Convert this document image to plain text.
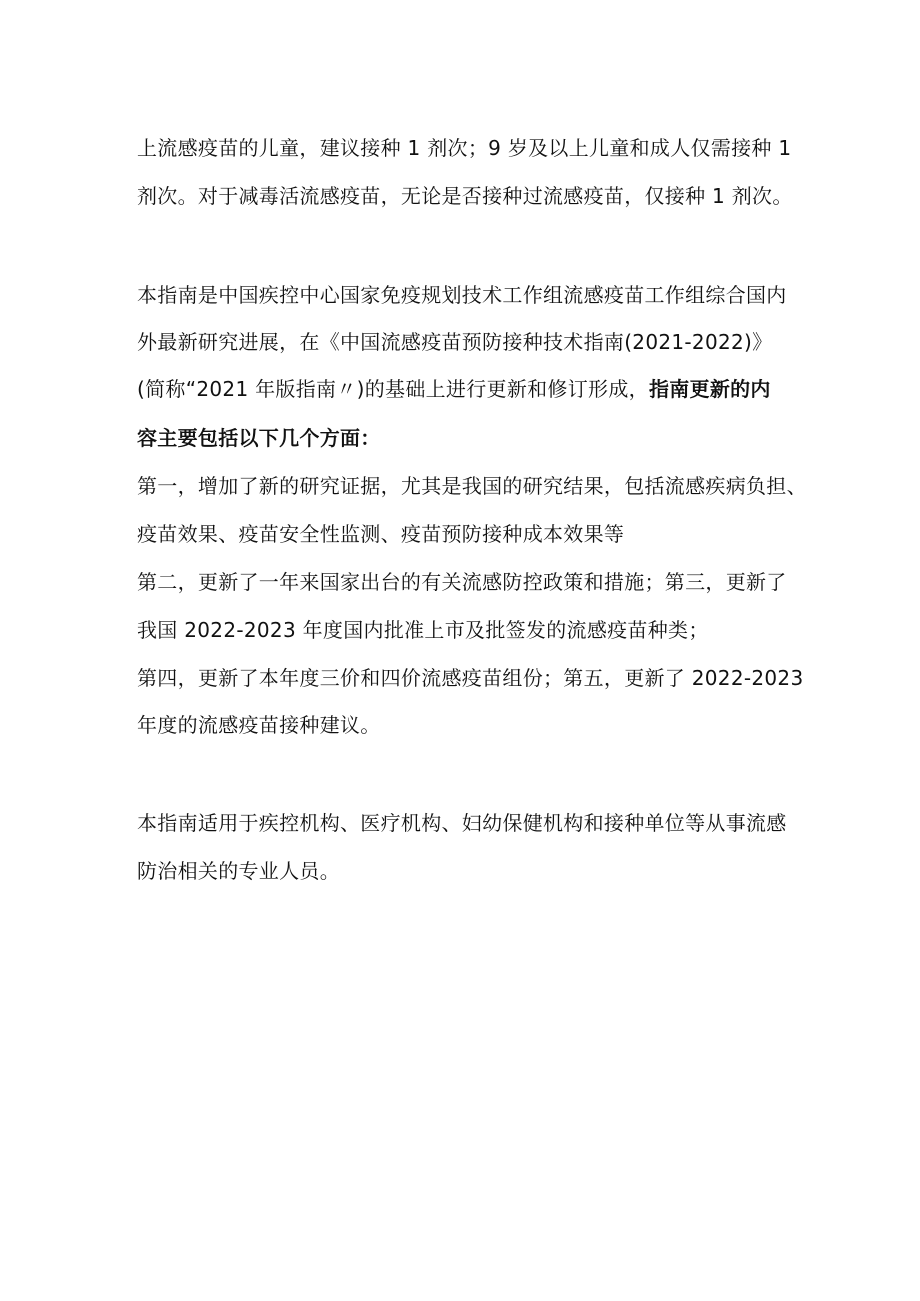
上流感疫苗的儿童，建议接种 1 剂次；9 岁及以上儿童和成人仅需接种 1
剂次。对于减毒活流感疫苗，无论是否接种过流感疫苗，仅接种 1 剂次。
本指南是中国疾控中心国家免疫规划技术工作组流感疫苗工作组综合国内
外最新研究进展，在《中国流感疫苗预防接种技术指南(2021-2022)》
(简称“2021 年版指南〃)的基础上进行更新和修订形成，指南更新的内
容主要包括以下几个方面：
第一，增加了新的研究证据，尤其是我国的研究结果，包括流感疾病负担、
疫苗效果、疫苗安全性监测、疫苗预防接种成本效果等
第二，更新了一年来国家出台的有关流感防控政策和措施；第三，更新了
我国 2022-2023 年度国内批准上市及批签发的流感疫苗种类；
第四，更新了本年度三价和四价流感疫苗组份；第五，更新了 2022-2023
年度的流感疫苗接种建议。
本指南适用于疾控机构、医疗机构、妇幼保健机构和接种单位等从事流感
防治相关的专业人员。
